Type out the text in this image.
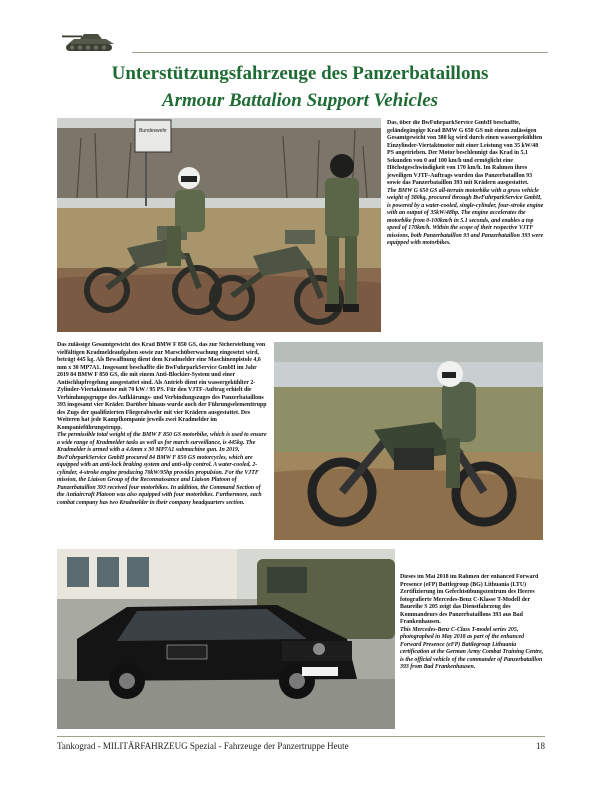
Unterstützungsfahrzeuge des Panzerbataillons
Armour Battalion Support Vehicles
Bundeswehr

Das, über die BwFuhrparkService GmbH beschaffte, geländegängige Krad BMW G 650 GS mit einem zulässigen Gesamtgewicht von 380 kg wird durch einen wassergekühlten Einzylinder-Viertaktmotor mit einer Leistung von 35 kW/48 PS angetrieben. Der Motor beschleunigt das Krad in 5,1 Sekunden von 0 auf 100 km/h und ermöglicht eine Höchstgeschwindigkeit von 170 km/h. Im Rahmen ihres jeweiligen VJTF-Auftrags wurden das Panzerbataillon 93 sowie das Panzerbataillon 393 mit Krädern ausgestattet.

The BMW G 650 GS all-terrain motorbike with a gross vehicle weight of 380kg, procured through BwFuhrparkService GmbH, is powered by a water-cooled, single-cylinder, four-stroke engine with an output of 35kW/48hp. The engine accelerates the motorbike from 0-100km/h in 5.1 seconds, and enables a top speed of 170km/h. Within the scope of their respective VJTF missions, both Panzerbataillon 93 and Panzerbataillon 393 were equipped with motorbikes.

Das zulässige Gesamtgewicht des Krad BMW F 850 GS, das zur Sicherstellung von vielfältigen Kradmeldeaufgaben sowie zur Marschüberwachung eingesetzt wird, beträgt 445 kg. Als Bewaffnung dient dem Kradmelder eine Maschinenpistole 4,6 mm x 30 MP7A1. Insgesamt beschaffte die BwFuhrparkService GmbH im Jahr 2019 84 BMW F 850 GS, die mit einem Anti-Blockier-System und einer Antischlupfregelung ausgestattet sind. Als Antrieb dient ein wassergekühlter 2-Zylinder-Viertaktmotor mit 70 kW / 95 PS. Für den VJTF-Auftrag erhielt die Verbindungsgruppe des Aufklärungs- und Verbindungszuges des Panzerbataillons 393 insgesamt vier Kräder. Darüber hinaus wurde auch der Führungselementtrupp des Zugs der qualifizierten Fliegerabwehr mit vier Krädern ausgestattet. Des Weiteren hat jede Kampfkompanie jeweils zwei Kradmelder im Kompanieführungstrupp.

The permissible total weight of the BMW F 850 GS motorbike, which is used to ensure a wide range of Kradmelder tasks as well as for march surveillance, is 445kg. The Kradmelder is armed with a 4.6mm x 30 MP7A1 submachine gun. In 2019, BwFuhrparkService GmbH procured 84 BMW F 850 GS motorcycles, which are equipped with an anti-lock braking system and anti-slip control. A water-cooled, 2-cylinder, 4-stroke engine producing 70kW/95hp provides propulsion. For the VJTF mission, the Liaison Group of the Reconnaissance and Liaison Platoon of Panzerbataillon 393 received four motorbikes. In addition, the Command Section of the Antiaircraft Platoon was also equipped with four motorbikes. Furthermore, each combat company has two Kradmelder in their company headquarters section.

Dieses im Mai 2018 im Rahmen der enhanced Forward Presence (eFP) Battlegroup (BG) Lithuania (LTU) Zertifizierung im Gefechtsübungszentrum des Heeres fotografierte Mercedes-Benz C-Klasse T-Modell der Baureihe S 205 zeigt das Dienstfahrzeug des Kommandeurs des Panzerbataillons 393 aus Bad Frankenhausen.

This Mercedes-Benz C-Class T-model series 205, photographed in May 2018 as part of the enhanced Forward Presence (eFP) Battlegroup Lithuania certification at the German Army Combat Training Centre, is the official vehicle of the commander of Panzerbataillon 393 from Bad Frankenhausen.

Tankograd - MILITÄRFAHRZEUG Spezial - Fahrzeuge der Panzertruppe Heute	18
